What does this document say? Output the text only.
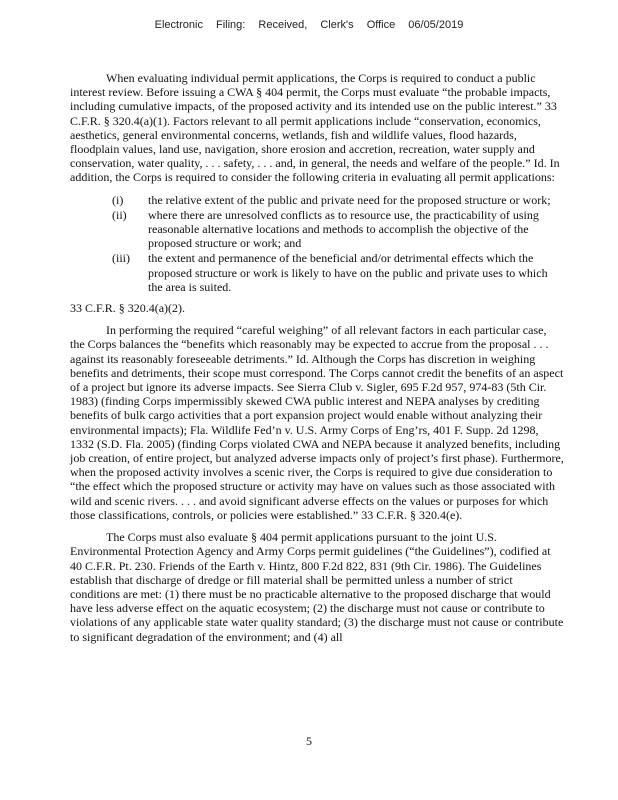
Electronic Filing: Received, Clerk's Office 06/05/2019

When evaluating individual permit applications, the Corps is required to conduct a public interest review. Before issuing a CWA § 404 permit, the Corps must evaluate “the probable impacts, including cumulative impacts, of the proposed activity and its intended use on the public interest.” 33 C.F.R. § 320.4(a)(1). Factors relevant to all permit applications include “conservation, economics, aesthetics, general environmental concerns, wetlands, fish and wildlife values, flood hazards, floodplain values, land use, navigation, shore erosion and accretion, recreation, water supply and conservation, water quality, . . . safety, . . . and, in general, the needs and welfare of the people.” Id. In addition, the Corps is required to consider the following criteria in evaluating all permit applications:

(i)	the relative extent of the public and private need for the proposed structure or work;
(ii)	where there are unresolved conflicts as to resource use, the practicability of using reasonable alternative locations and methods to accomplish the objective of the proposed structure or work; and
(iii)	the extent and permanence of the beneficial and/or detrimental effects which the proposed structure or work is likely to have on the public and private uses to which the area is suited.

33 C.F.R. § 320.4(a)(2).

In performing the required “careful weighing” of all relevant factors in each particular case, the Corps balances the “benefits which reasonably may be expected to accrue from the proposal . . . against its reasonably foreseeable detriments.” Id. Although the Corps has discretion in weighing benefits and detriments, their scope must correspond. The Corps cannot credit the benefits of an aspect of a project but ignore its adverse impacts. See Sierra Club v. Sigler, 695 F.2d 957, 974-83 (5th Cir. 1983) (finding Corps impermissibly skewed CWA public interest and NEPA analyses by crediting benefits of bulk cargo activities that a port expansion project would enable without analyzing their environmental impacts); Fla. Wildlife Fed’n v. U.S. Army Corps of Eng’rs, 401 F. Supp. 2d 1298, 1332 (S.D. Fla. 2005) (finding Corps violated CWA and NEPA because it analyzed benefits, including job creation, of entire project, but analyzed adverse impacts only of project’s first phase). Furthermore, when the proposed activity involves a scenic river, the Corps is required to give due consideration to “the effect which the proposed structure or activity may have on values such as those associated with wild and scenic rivers. . . . and avoid significant adverse effects on the values or purposes for which those classifications, controls, or policies were established.” 33 C.F.R. § 320.4(e).

The Corps must also evaluate § 404 permit applications pursuant to the joint U.S. Environmental Protection Agency and Army Corps permit guidelines (“the Guidelines”), codified at 40 C.F.R. Pt. 230. Friends of the Earth v. Hintz, 800 F.2d 822, 831 (9th Cir. 1986). The Guidelines establish that discharge of dredge or fill material shall be permitted unless a number of strict conditions are met: (1) there must be no practicable alternative to the proposed discharge that would have less adverse effect on the aquatic ecosystem; (2) the discharge must not cause or contribute to violations of any applicable state water quality standard; (3) the discharge must not cause or contribute to significant degradation of the environment; and (4) all

5
